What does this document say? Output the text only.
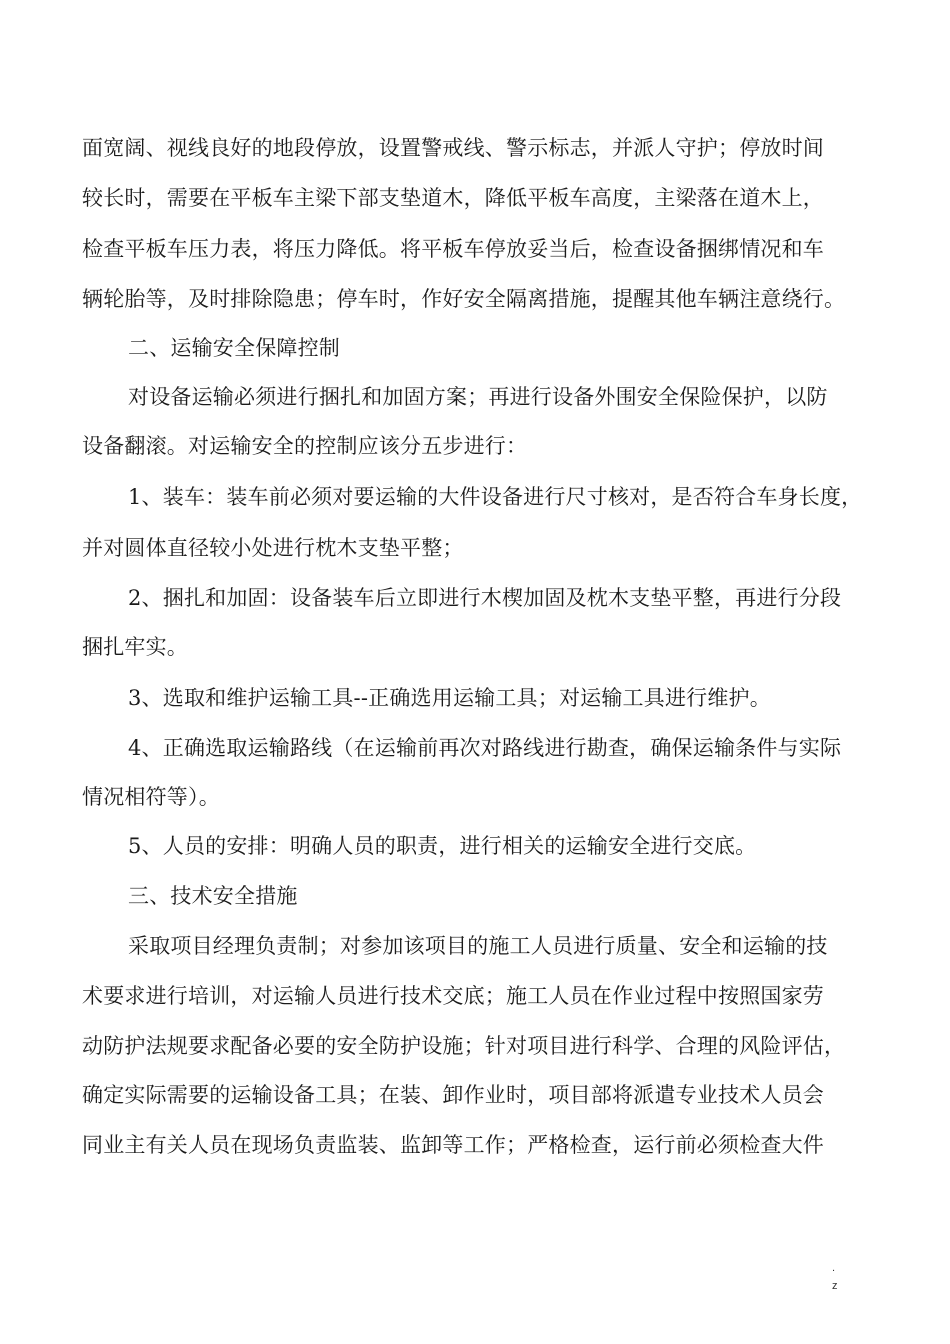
面宽阔、视线良好的地段停放，设置警戒线、警示标志，并派人守护；停放时间
较长时，需要在平板车主梁下部支垫道木，降低平板车高度，主梁落在道木上，
检查平板车压力表，将压力降低。将平板车停放妥当后，检查设备捆绑情况和车
辆轮胎等，及时排除隐患；停车时，作好安全隔离措施，提醒其他车辆注意绕行。
二、运输安全保障控制
对设备运输必须进行捆扎和加固方案；再进行设备外围安全保险保护，以防
设备翻滚。对运输安全的控制应该分五步进行：
1、装车：装车前必须对要运输的大件设备进行尺寸核对，是否符合车身长度，
并对圆体直径较小处进行枕木支垫平整；
2、捆扎和加固：设备装车后立即进行木楔加固及枕木支垫平整，再进行分段
捆扎牢实。
3、选取和维护运输工具--正确选用运输工具；对运输工具进行维护。
4、正确选取运输路线（在运输前再次对路线进行勘查，确保运输条件与实际
情况相符等）。
5、人员的安排：明确人员的职责，进行相关的运输安全进行交底。
三、技术安全措施
采取项目经理负责制；对参加该项目的施工人员进行质量、安全和运输的技
术要求进行培训，对运输人员进行技术交底；施工人员在作业过程中按照国家劳
动防护法规要求配备必要的安全防护设施；针对项目进行科学、合理的风险评估，
确定实际需要的运输设备工具；在装、卸作业时，项目部将派遣专业技术人员会
同业主有关人员在现场负责监装、监卸等工作；严格检查，运行前必须检查大件
.
z
